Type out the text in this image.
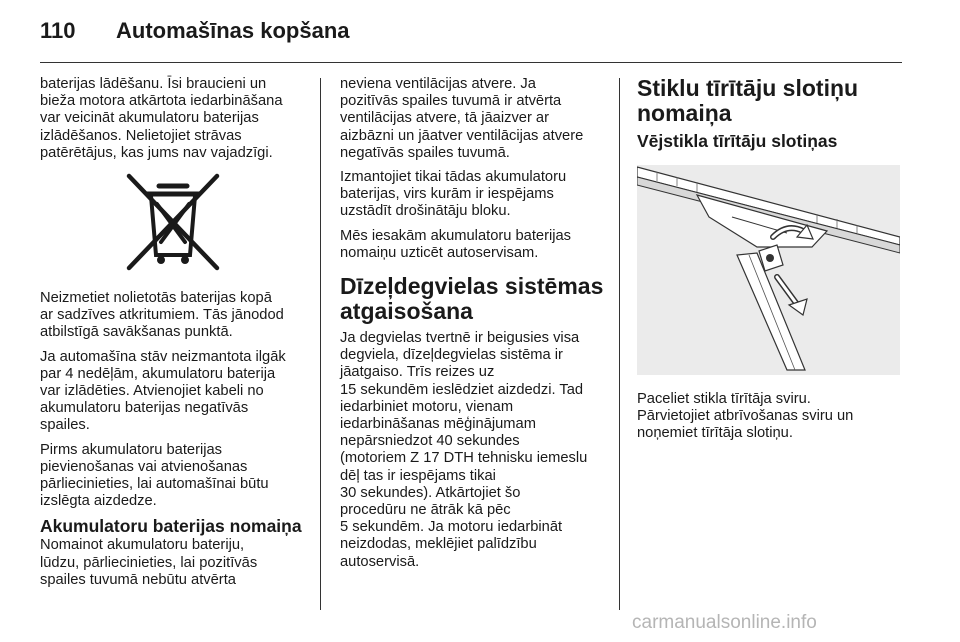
110 Automašīnas kopšana

baterijas lādēšanu. Īsi braucieni un
bieža motora atkārtota iedarbināšana
var veicināt akumulatoru baterijas
izlādēšanos. Nelietojiet strāvas
patērētājus, kas jums nav vajadzīgi.

Neizmetiet nolietotās baterijas kopā
ar sadzīves atkritumiem. Tās jānodod
atbilstīgā savākšanas punktā.

Ja automašīna stāv neizmantota ilgāk
par 4 nedēļām, akumulatoru baterija
var izlādēties. Atvienojiet kabeli no
akumulatoru baterijas negatīvās
spailes.

Pirms akumulatoru baterijas
pievienošanas vai atvienošanas
pārliecinieties, lai automašīnai būtu
izslēgta aizdedze.

Akumulatoru baterijas nomaiņa

Nomainot akumulatoru bateriju,
lūdzu, pārliecinieties, lai pozitīvās
spailes tuvumā nebūtu atvērta

neviena ventilācijas atvere. Ja
pozitīvās spailes tuvumā ir atvērta
ventilācijas atvere, tā jāaizver ar
aizbāzni un jāatver ventilācijas atvere
negatīvās spailes tuvumā.

Izmantojiet tikai tādas akumulatoru
baterijas, virs kurām ir iespējams
uzstādīt drošinātāju bloku.

Mēs iesakām akumulatoru baterijas
nomaiņu uzticēt autoservisam.

Dīzeļdegvielas sistēmas
atgaisošana

Ja degvielas tvertnē ir beigusies visa
degviela, dīzeļdegvielas sistēma ir
jāatgaiso. Trīs reizes uz
15 sekundēm ieslēdziet aizdedzi. Tad
iedarbiniet motoru, vienam
iedarbināšanas mēģinājumam
nepārsniedzot 40 sekundes
(motoriem Z 17 DTH tehnisku iemeslu
dēļ tas ir iespējams tikai
30 sekundes). Atkārtojiet šo
procedūru ne ātrāk kā pēc
5 sekundēm. Ja motoru iedarbināt
neizdodas, meklējiet palīdzību
autoservisā.

Stiklu tīrītāju slotiņu
nomaiņa
Vējstikla tīrītāju slotiņas

Paceliet stikla tīrītāja sviru.
Pārvietojiet atbrīvošanas sviru un
noņemiet tīrītāja slotiņu.

carmanualsonline.info
